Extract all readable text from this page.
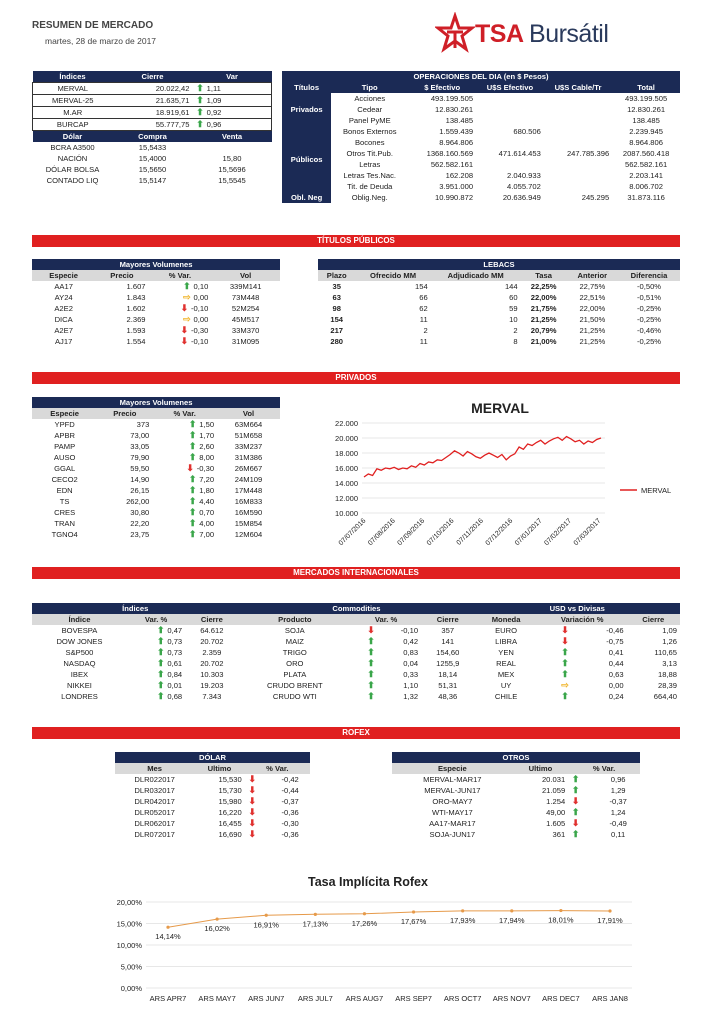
RESUMEN DE MERCADO
martes, 28 de marzo de 2017	TSA Bursátil
Índices	Cierre	Var
MERVAL	20.022,42	⬆ 1,11
MERVAL-25	21.635,71	⬆ 1,09
M.AR	18.919,61	⬆ 0,92
BURCAP	55.777,75	⬆ 0,96
Dólar	Compra	Venta
BCRA A3500	15,5433	
NACIÓN	15,4000	15,80
DÓLAR BOLSA	15,5650	15,5696
CONTADO LIQ	15,5147	15,5545
OPERACIONES DEL DIA (en $ Pesos)					
Títulos	Tipo	$ Efectivo	U$S Efectivo	U$S Cable/Tr	Total
Privados	Acciones	493.199.505			493.199.505
	Cedear	12.830.261			12.830.261
	Panel PyME	138.485			138.485
Públicos	Bonos Externos	1.559.439	680.506		2.239.945
	Bocones	8.964.806			8.964.806
	Otros Tit.Pub.	1368.160.569	471.614.453	247.785.396	2087.560.418
	Letras	562.582.161			562.582.161
	Letras Tes.Nac.	162.208	2.040.933		2.203.141
	Tit. de Deuda	3.951.000	4.055.702		8.006.702
Obl. Neg	Oblig.Neg.	10.990.872	20.636.949	245.295	31.873.116
TÍTULOS PÚBLICOS
Mayores Volumenes			
Especie	Precio	% Var.	Vol
AA17	1.607	⬆ 0,10	339M141
AY24	1.843	⇨ 0,00	73M448
A2E2	1.602	⬇ -0,10	52M254
DICA	2.369	⇨ 0,00	45M517
A2E7	1.593	⬇ -0,30	33M370
AJ17	1.554	⬇ -0,10	31M095
LEBACS					
Plazo	Ofrecido MM	Adjudicado MM	Tasa	Anterior	Diferencia
35	154	144	22,25%	22,75%	-0,50%
63	66	60	22,00%	22,51%	-0,51%
98	62	59	21,75%	22,00%	-0,25%
154	11	10	21,25%	21,50%	-0,25%
217	2	2	20,79%	21,25%	-0,46%
280	11	8	21,00%	21,25%	-0,25%
PRIVADOS
Mayores Volumenes			
Especie	Precio	% Var.	Vol
YPFD	373	⬆ 1,50	63M664
APBR	73,00	⬆ 1,70	51M658
PAMP	33,05	⬆ 2,60	33M237
AUSO	79,90	⬆ 8,00	31M386
GGAL	59,50	⬇ -0,30	26M667
CECO2	14,90	⬆ 7,20	24M109
EDN	26,15	⬆ 1,80	17M448
TS	262,00	⬆ 4,40	16M833
CRES	30,80	⬆ 0,70	16M590
TRAN	22,20	⬆ 4,00	15M854
TGNO4	23,75	⬆ 7,00	12M604
MERVAL
10.000
12.000
14.000
16.000
18.000
20.000
22.000
07/07/2016 07/08/2016 07/09/2016 07/10/2016 07/11/2016 07/12/2016 07/01/2017 07/02/2017 07/03/2017
MERVAL
MERCADOS INTERNACIONALES
Índices			Commodities				USD vs Divisas			
Índice	Var. %	Cierre	Producto	Var. %		Cierre	Moneda	Variación %		Cierre
BOVESPA	⬆ 0,47	64.612	SOJA	⬇	-0,10	357	EURO	⬇	-0,46	1,09
DOW JONES	⬆ 0,73	20.702	MAIZ	⬆	0,42	141	LIBRA	⬇	-0,75	1,26
S&P500	⬆ 0,73	2.359	TRIGO	⬆	0,83	154,60	YEN	⬆	0,41	110,65
NASDAQ	⬆ 0,61	20.702	ORO	⬆	0,04	1255,9	REAL	⬆	0,44	3,13
IBEX	⬆ 0,84	10.303	PLATA	⬆	0,33	18,14	MEX	⬆	0,63	18,88
NIKKEI	⬆ 0,01	19.203	CRUDO BRENT	⬆	1,10	51,31	UY	⇨	0,00	28,39
LONDRES	⬆ 0,68	7.343	CRUDO WTI	⬆	1,32	48,36	CHILE	⬆	0,24	664,40
ROFEX
DÓLAR			
Mes	Ultimo	% Var.	
DLR022017	15,530	⬇	-0,42
DLR032017	15,730	⬇	-0,44
DLR042017	15,980	⬇	-0,37
DLR052017	16,220	⬇	-0,36
DLR062017	16,455	⬇	-0,30
DLR072017	16,690	⬇	-0,36
OTROS			
Especie	Ultimo	% Var.	
MERVAL-MAR17	20.031	⬆	0,96
MERVAL-JUN17	21.059	⬆	1,29
ORO-MAY7	1.254	⬇	-0,37
WTI-MAY17	49,00	⬆	1,24
AA17-MAR17	1.605	⬇	-0,49
SOJA-JUN17	361	⬆	0,11
Tasa Implícita Rofex
0,00%
5,00%
10,00%
15,00%
20,00%
ARS APR7 ARS MAY7 ARS JUN7 ARS JUL7 ARS AUG7 ARS SEP7 ARS OCT7 ARS NOV7 ARS DEC7 ARS JAN8
14,14%
16,02%	16,91%	17,13%	17,26%	17,67%	17,93%	17,94%	18,01%	17,91%
